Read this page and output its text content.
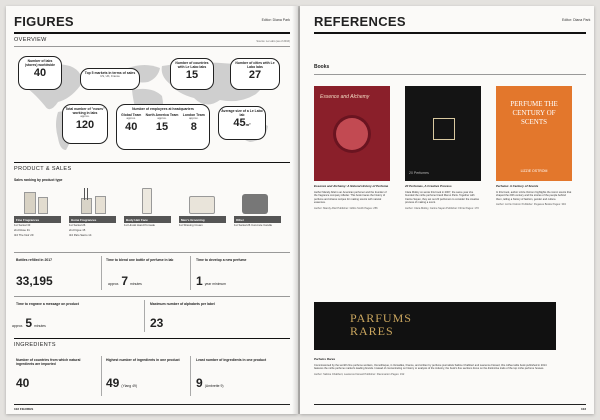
FIGURES	Editor: Diana Park
OVERVIEW	Source: Le Labo (as of 2016)
Number of labs (stores) worldwide
40	Top 5 markets in terms of sales
US, UK, France
Number of countries with Le Labo labs
15
Number of cities with Le Labo labs
27
Total number of "noses" working in labs
approx.
120
Number of employees at headquarters
Global Team
approx.
40
North America Team
approx.
15
London Team
approx.
8
Average size of a Le Labo lab
45m²
PRODUCT & SALES
Sales ranking by product type
Fine Fragrances
1st Santal 33
2nd Rose 31
3rd The Noir 29
Home Fragrances
1st Santal 26
2nd Figue 15
3rd Palo Santo 14
Body Hair Face
1st Hinoki Hand Pomade
Men's Grooming
1st Shaving Cream
Other
1st Santal 26 Concrete Candle
Bottles refilled in 2017
33,195
Time to blend one bottle of perfume in lab
approx. 7 minutes
Time to develop a new perfume
1 year minimum
Time to engrave a message on product
approx. 5 minutes
Maximum number of alphabets per label
23
INGREDIENTS
Number of countries from which natural ingredients are imported
40
Highest number of ingredients in one product
49 (Ylang 49)
Least number of ingredients in one product
9 (Ambrette 9)
102 FIGURES
REFERENCES	Editor: Diana Park
Books
Essence and Alchemy
Essence and Alchemy: A Natural History of Perfume
Author Mandy Aftel is an American perfumer and the founder of the fragrance company Aftelier. This book traces the history of perfume and shares recipes for making scents with natural essences.
Author: Mandy Aftel Publisher: Gibbs Smith Pages: 256
20 Perfumes
20 Perfumes, A Creative Process
Clara Molloy co-wrote this book in 2007, the same year she founded the niche perfume brand Memo Paris. Together with Carine Sayan, they set out 20 perfumers to consider the creative process of making a scent.
Author: Clara Molloy, Carine Sayan Publisher: Flirrie Pages: 170
PERFUME THE CENTURY OF SCENTS
LIZZIE OSTROM
Perfume: A Century of Scents
In this book, author Lizzie Ostrom highlights the iconic scents that shaped the 20th century and the stories of the people behind them, telling a history of fashion, gender and culture.
Author: Lizzie Ostrom Publisher: Pegasus Books Pages: 304
PARFUMS RARES
Parfums Rares
Commissioned by the world's fine perfume workers, Osmothèque, in Versailles, France, and written by perfume journalists Sabine Chabbert and Laurence Féraud, this coffee table book published in 2014 features the niche perfume market's leading brands. Instead of concentrating on history or analysis of the industry, the book's five sections focus on the distinctive traits of the top niche perfume houses.
Author: Sabine Chabbert, Laurence Féraud Publisher: Flammarion Pages: 192
103
